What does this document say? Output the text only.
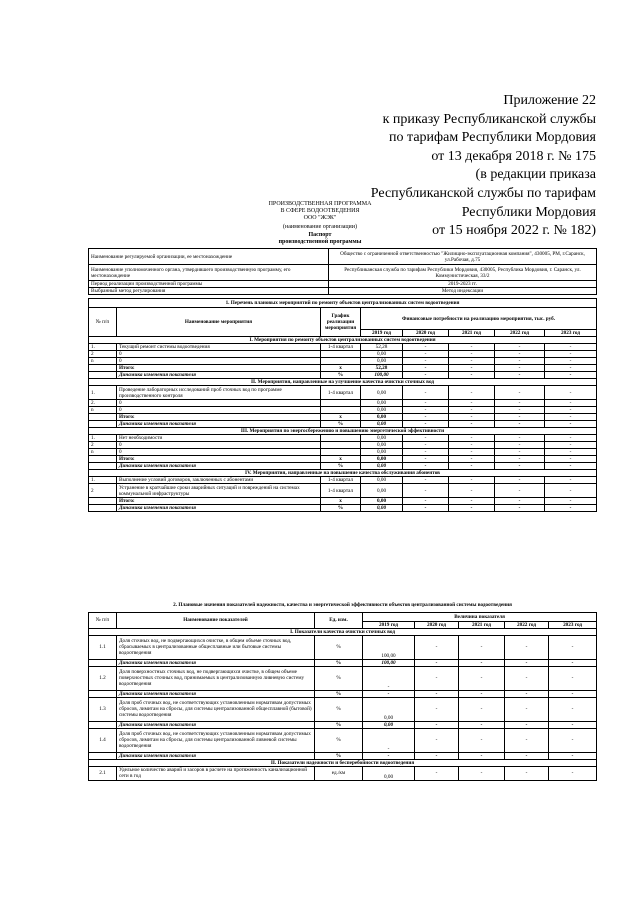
Приложение 22
к приказу Республиканской службы
по тарифам Республики Мордовия
от 13 декабря 2018 г. № 175
(в редакции приказа
Республиканской службы по тарифам
Республики Мордовия
от 15 ноября 2022 г. № 182)
ПРОИЗВОДСТВЕННАЯ ПРОГРАММА
В СФЕРЕ ВОДООТВЕДЕНИЯ
ООО "ЖЭК"
(наименование организации)
Паспорт
производственной программы
Наименование регулируемой организации, ее местонахождение	Общество с ограниченной ответственностью "Жилищно-эксплуатационная компания", 430005, РМ, г.Саранск, ул.Рабочая, д.75
Наименование уполномоченного органа, утвердившего производственную программу, его местонахождение	Республиканская служба по тарифам Республики Мордовия, 430005, Республика Мордовия, г. Саранск, ул. Коммунистическая, 33/2
Период реализации производственной программы	2019-2023 гг.
Выбранный метод регулирования	Метод индексации
1. Перечень плановых мероприятий по ремонту объектов централизованных систем водоотведения							
№ п/п	Наименование мероприятия	График реализации мероприятия	Финансовые потребности на реализацию мероприятия, тыс. руб.				
			2019 год	2020 год	2021 год	2022 год	2023 год
I. Мероприятия по ремонту объектов централизованных систем водоотведения							
1.	Текущий ремонт системы водоотведения	1-4 квартал	52,28	-	-	-	-
2	0		0,00	-	-	-	-
n	0		0,00	-	-	-	-
	Итого:	x	52,28	-	-	-	-
	Динамика изменения показателя	%	100,00	-	-	-	-
II. Мероприятия, направленные на улучшение качества очистки сточных вод							
1.	Проведение лабораторных исследований проб сточных вод по программе производственного контроля	1-4 квартал	0,00	-	-	-	-
2.	0		0,00	-	-	-	-
n	0		0,00	-	-	-	-
	Итого:	x	0,00	-	-	-	-
	Динамика изменения показателя	%	0,00	-	-	-	-
III. Мероприятия по энергосбережению и повышению энергетической эффективности							
1.	Нет необходимости		0,00	-	-	-	-
2	0		0,00	-	-	-	-
n	0		0,00	-	-	-	-
	Итого:	x	0,00	-	-	-	-
	Динамика изменения показателя	%	0,00	-	-	-	-
IV. Мероприятия, направленные на повышение качества обслуживания абонентов							
1.	Выполнение условий договоров, заключенных с абонентами	1-4 квартал	0,00	-	-	-	-
2	Устранение в кратчайшие сроки аварийных ситуаций и повреждений на системах коммунальной инфраструктуры	1-4 квартал	0,00	-	-	-	-
	Итого:	x	0,00	-	-	-	-
	Динамика изменения показателя	%	0,00	-	-	-	-
2. Плановые значения показателей надежности, качества и энергетической эффективности объектов централизованной системы водоотведения							
№ п/п	Наименование показателей	Ед. изм.	Величина показателя				
			2019 год	2020 год	2021 год	2022 год	2023 год
I. Показатели качества очистки сточных вод							
1.1	Доля сточных вод, не подвергающихся очистке, в общем объеме сточных вод, сбрасываемых в централизованные общесплавные или бытовые системы водоотведения	%	100,00	-	-	-	-
	Динамика изменения показателя	%	100,00	-	-	-	-
1.2	Доля поверхностных сточных вод, не подвергающихся очистке, в общем объеме поверхностных сточных вод, принимаемых в централизованную ливневую систему водоотведения	%	-	-	-	-	-
	Динамика изменения показателя	%	-	-	-	-	-
1.3	Доля проб сточных вод, не соответствующих установленным нормативам допустимых сбросов, лимитам на сбросы, для системы централизованной общесплавной (бытовой) системы водоотведения	%	0,00	-	-	-	-
	Динамика изменения показателя	%	0,00	-	-	-	-
1.4	Доля проб сточных вод, не соответствующих установленным нормативам допустимых сбросов, лимитам на сбросы, для системы централизованной ливневой системы водоотведения	%	-	-	-	-	-
	Динамика изменения показателя	%	-	-	-	-	-
II. Показатели надежности и бесперебойности водоотведения							
2.1	Удельное количество аварий и засоров в расчете на протяженность канализационной сети в год	ед./км	0,00	-	-	-	-
